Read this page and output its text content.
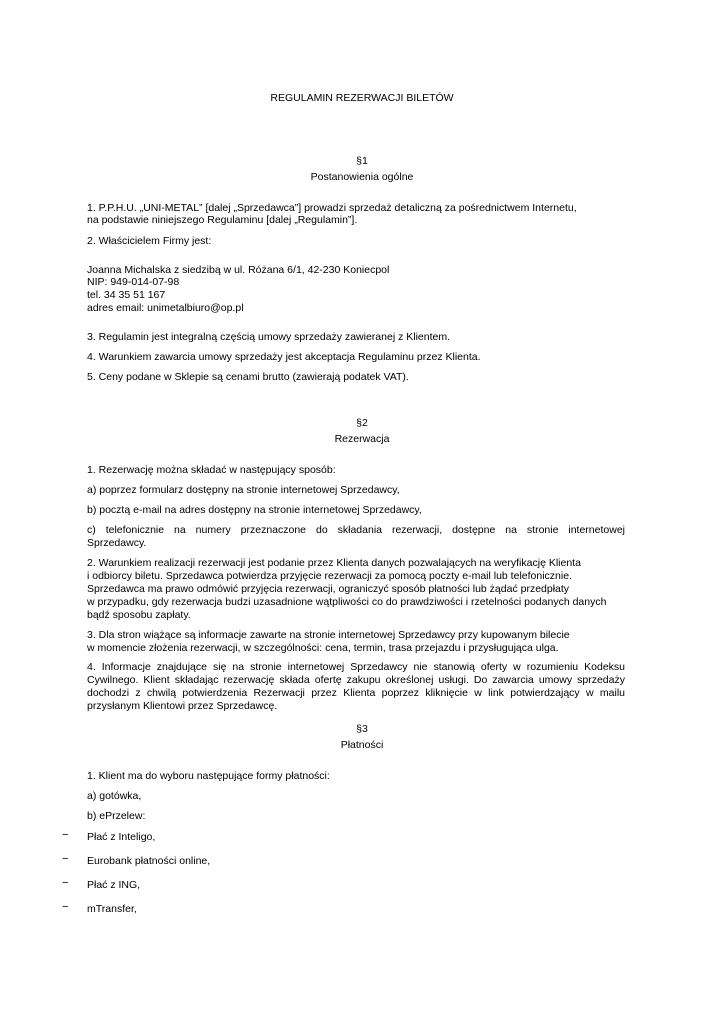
REGULAMIN REZERWACJI BILETÓW
§1
Postanowienia ogólne
1. P.P.H.U. „UNI-METAL” [dalej „Sprzedawca”] prowadzi sprzedaż detaliczną za pośrednictwem Internetu,
na podstawie niniejszego Regulaminu [dalej „Regulamin”].
2. Właścicielem Firmy jest:
Joanna Michalska z siedzibą w ul. Różana 6/1, 42-230 Koniecpol
NIP: 949-014-07-98
tel. 34 35 51 167
adres email: unimetalbiuro@op.pl
3. Regulamin jest integralną częścią umowy sprzedaży zawieranej z Klientem.
4. Warunkiem zawarcia umowy sprzedaży jest akceptacja Regulaminu przez Klienta.
5. Ceny podane w Sklepie są cenami brutto (zawierają podatek VAT).
§2
Rezerwacja
1. Rezerwację można składać w następujący sposób:
a) poprzez formularz dostępny na stronie internetowej Sprzedawcy,
b) pocztą e-mail na adres dostępny na stronie internetowej Sprzedawcy,
c) telefonicznie na numery przeznaczone do składania rezerwacji, dostępne na stronie internetowej
Sprzedawcy.
2. Warunkiem realizacji rezerwacji jest podanie przez Klienta danych pozwalających na weryfikację Klienta
i odbiorcy biletu. Sprzedawca potwierdza przyjęcie rezerwacji za pomocą poczty e-mail lub telefonicznie.
Sprzedawca ma prawo odmówić przyjęcia rezerwacji, ograniczyć sposób płatności lub żądać przedpłaty
w przypadku, gdy rezerwacja budzi uzasadnione wątpliwości co do prawdziwości i rzetelności podanych danych
bądź sposobu zapłaty.
3. Dla stron wiążące są informacje zawarte na stronie internetowej Sprzedawcy przy kupowanym bilecie
w momencie złożenia rezerwacji, w szczególności: cena, termin, trasa przejazdu i przysługująca ulga.
4. Informacje znajdujące się na stronie internetowej Sprzedawcy nie stanowią oferty w rozumieniu Kodeksu
Cywilnego. Klient składając rezerwację składa ofertę zakupu określonej usługi. Do zawarcia umowy sprzedaży
dochodzi z chwilą potwierdzenia Rezerwacji przez Klienta poprzez kliknięcie w link potwierdzający w mailu
przysłanym Klientowi przez Sprzedawcę.
§3
Płatności
1. Klient ma do wyboru następujące formy płatności:
a) gotówka,
b) ePrzelew:
− Płać z Inteligo,
− Eurobank płatności online,
− Płać z ING,
− mTransfer,
